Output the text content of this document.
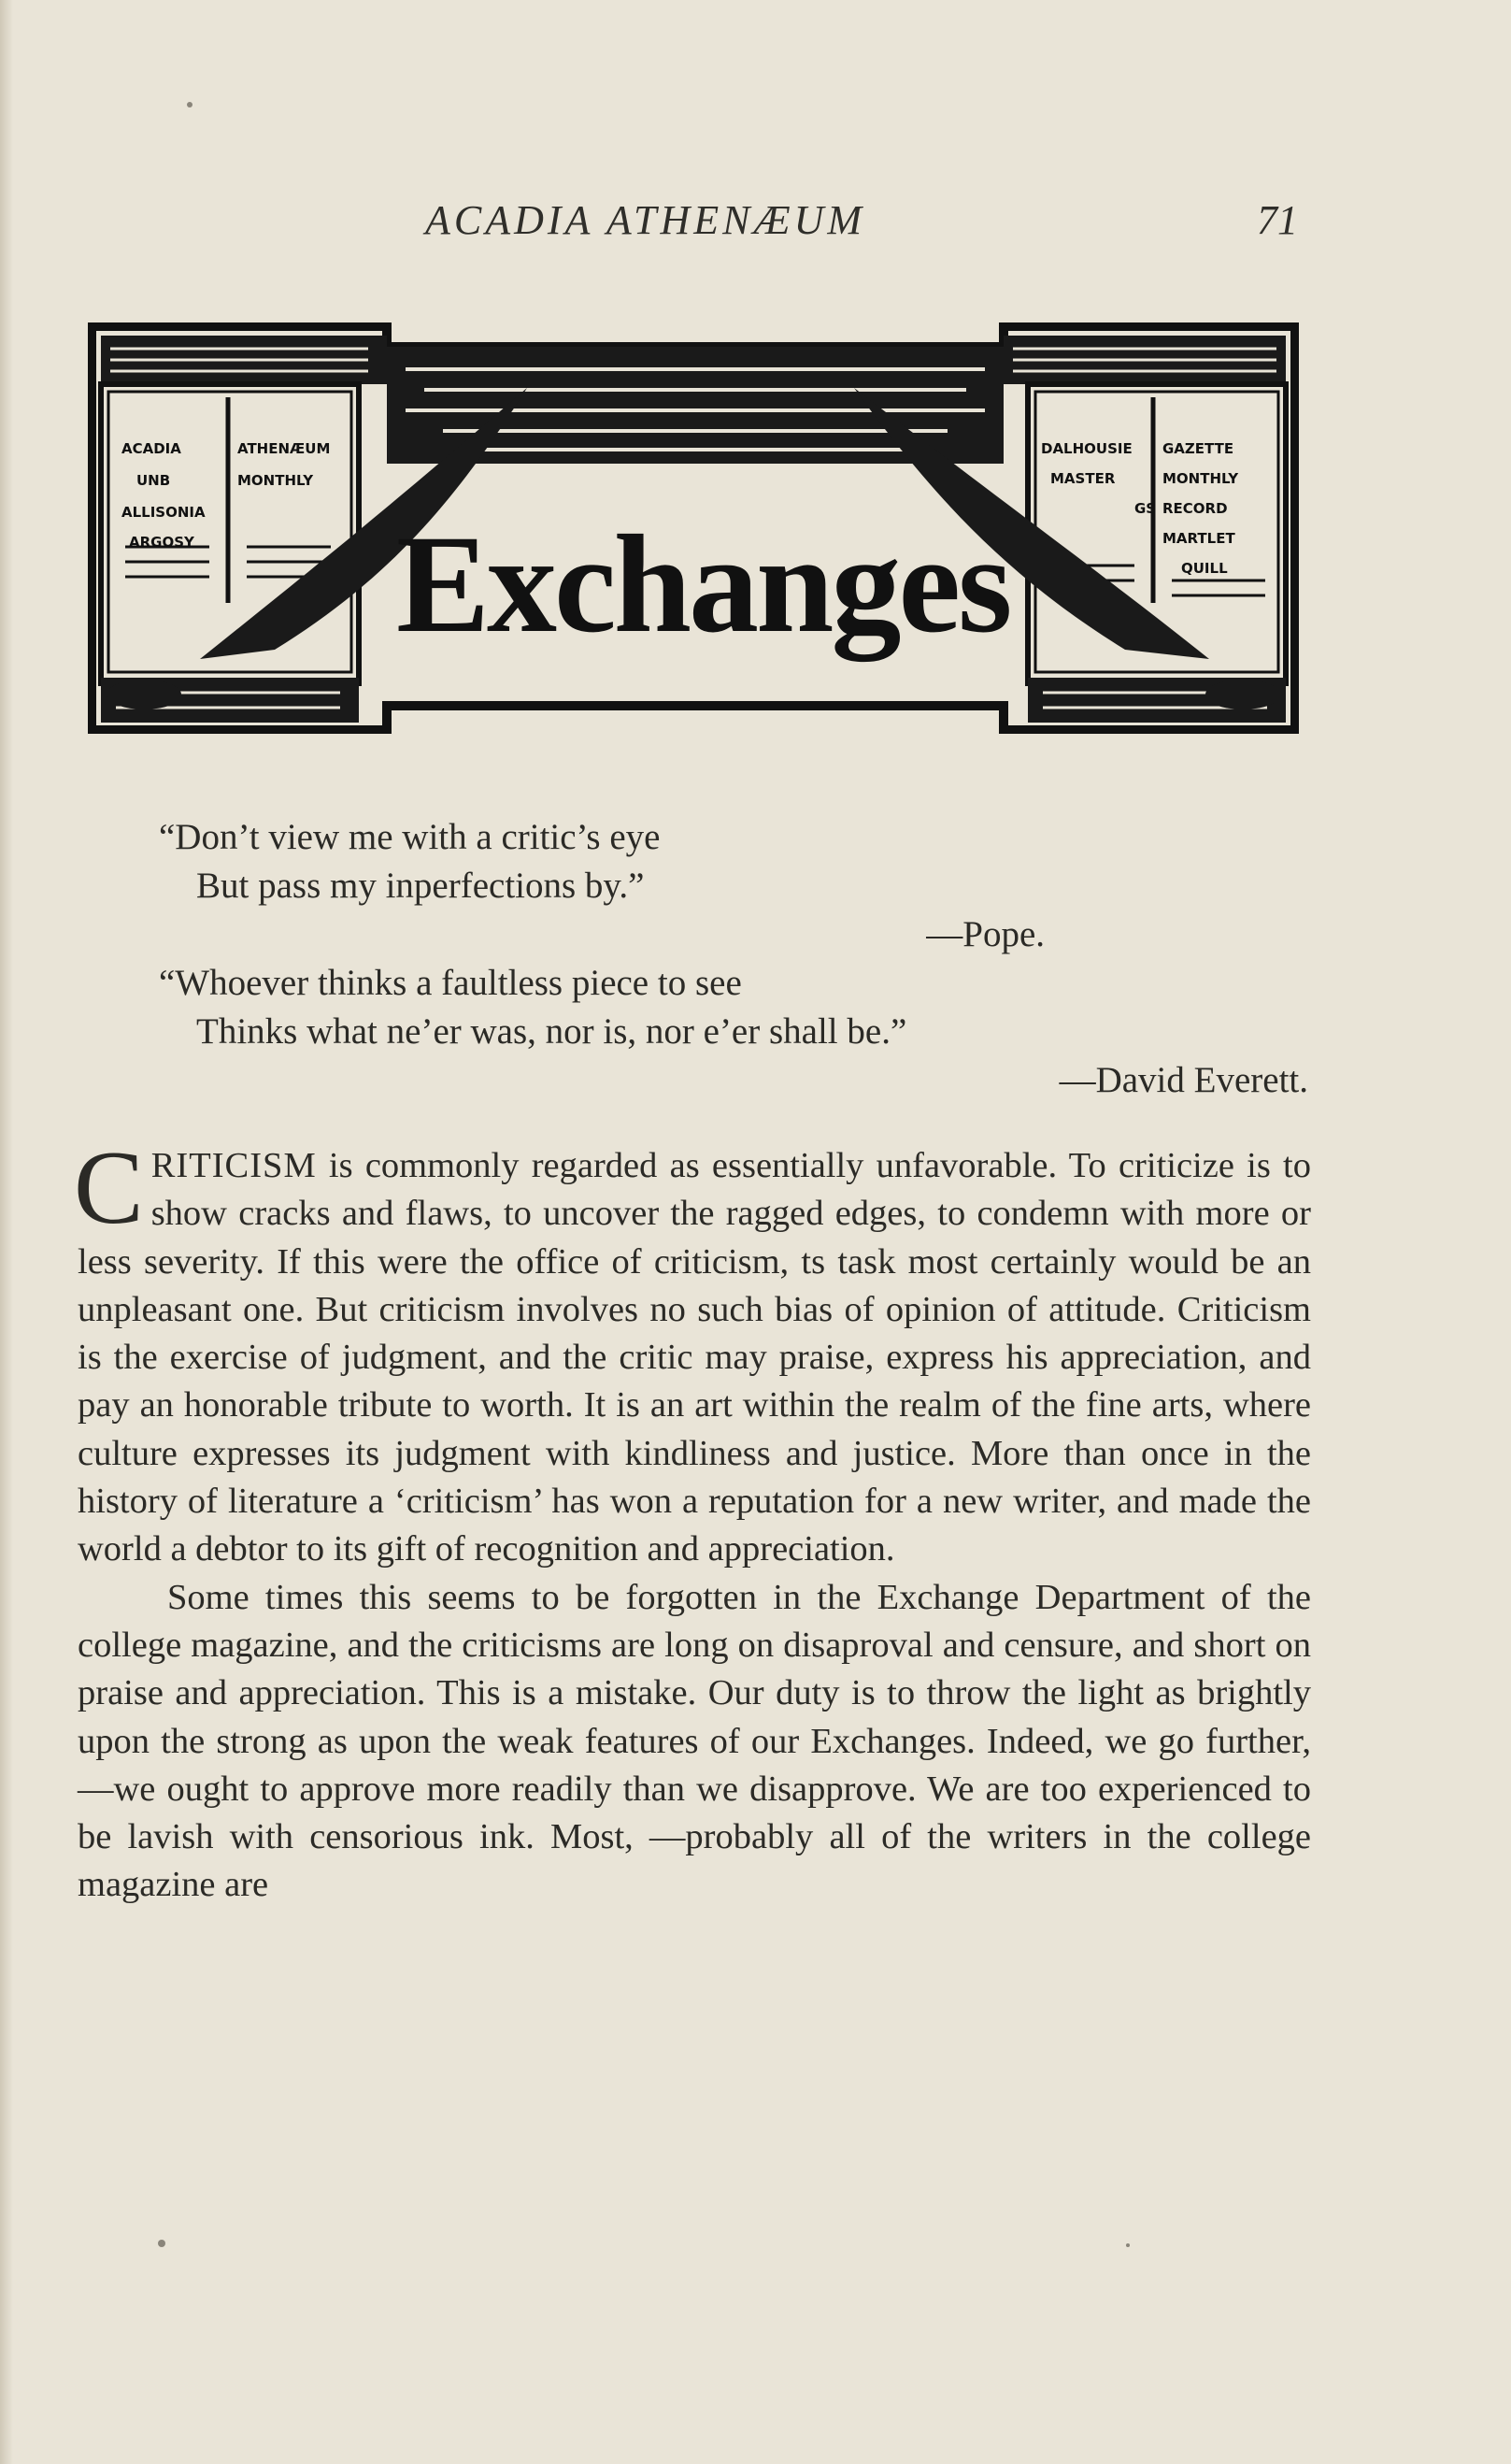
ACADIA ATHENÆUM	71
Exchanges
ACADIA	ATHENÆUM
UNB	MONTHLY
ALLISONIA
ARGOSY
DALHOUSIE GAZETTE
MASTER	MONTHLY
GS RECORD
MARTLET
QUILL
“Don’t view me with a critic’s eye
But pass my inperfections by.”
—Pope.
“Whoever thinks a faultless piece to see
Thinks what ne’er was, nor is, nor e’er shall be.”
—David Everett.

CRITICISM is commonly regarded as essentially unfavorable. To criticize is to show cracks and flaws, to uncover the ragged edges, to condemn with more or less severity. If this were the office of criticism, ts task most certainly would be an unpleasant one. But criticism involves no such bias of opinion of attitude. Criticism is the exercise of judgment, and the critic may praise, express his appreciation, and pay an honorable tribute to worth. It is an art within the realm of the fine arts, where culture expresses its judgment with kindliness and justice. More than once in the history of literature a ‘criticism’ has won a reputation for a new writer, and made the world a debtor to its gift of recognition and appreciation.

Some times this seems to be forgotten in the Exchange Department of the college magazine, and the criticisms are long on disaproval and censure, and short on praise and appreciation. This is a mistake. Our duty is to throw the light as brightly upon the strong as upon the weak features of our Exchanges. Indeed, we go further,—we ought to approve more readily than we disapprove. We are too experienced to be lavish with censorious ink. Most, —probably all of the writers in the college magazine are
